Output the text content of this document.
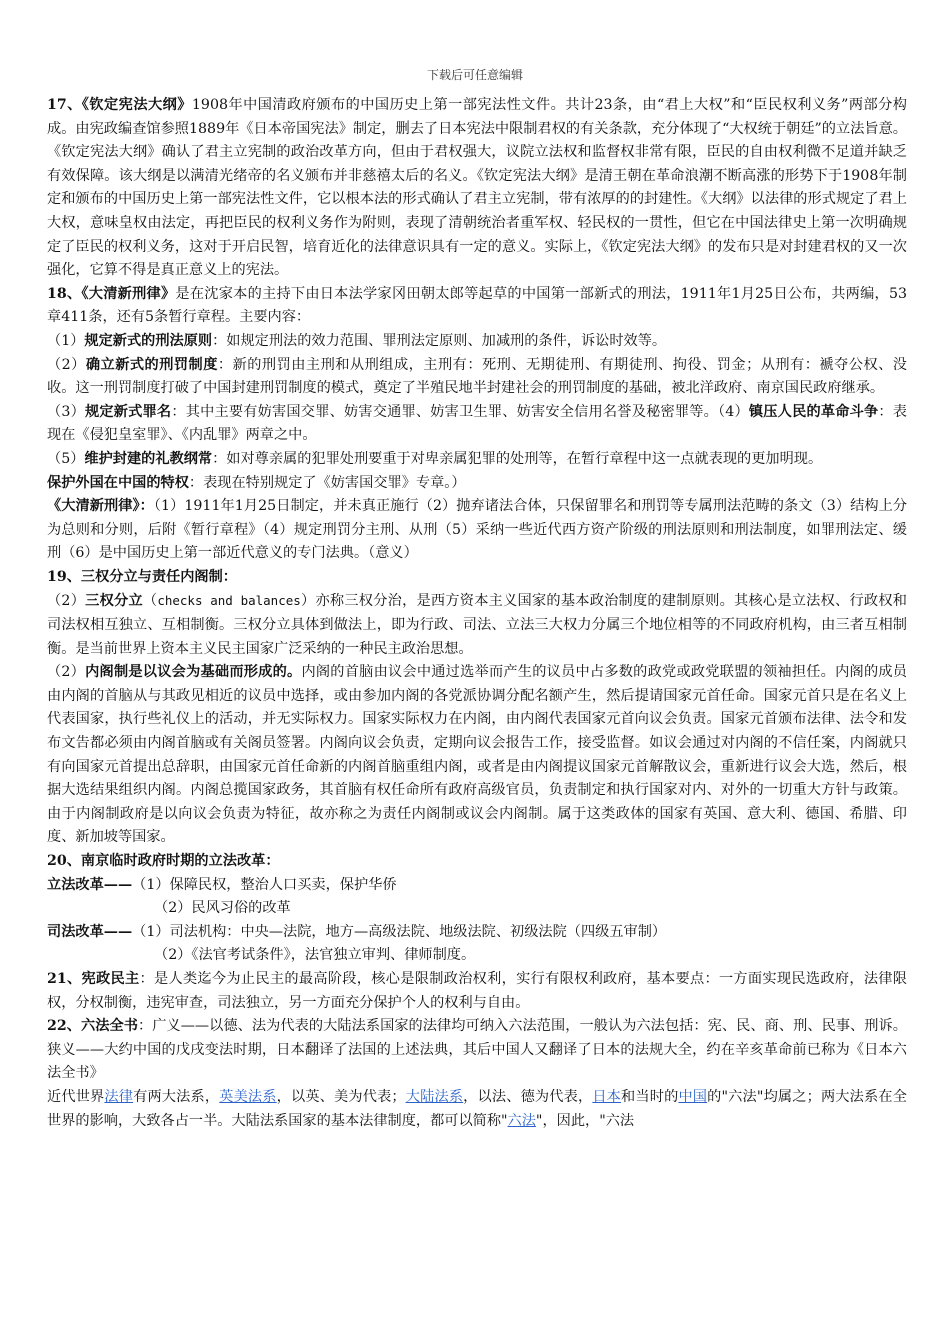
下载后可任意编辑

17、《钦定宪法大纲》1908年中国清政府颁布的中国历史上第一部宪法性文件。共计23条，由“君上大权”和“臣民权利义务”两部分构成。由宪政编查馆参照1889年《日本帝国宪法》制定，删去了日本宪法中限制君权的有关条款，充分体现了“大权统于朝廷”的立法旨意。《钦定宪法大纲》确认了君主立宪制的政治改革方向，但由于君权强大，议院立法权和监督权非常有限，臣民的自由权利微不足道并缺乏有效保障。该大纲是以满清光绪帝的名义颁布并非慈禧太后的名义。《钦定宪法大纲》是清王朝在革命浪潮不断高涨的形势下于1908年制定和颁布的中国历史上第一部宪法性文件，它以根本法的形式确认了君主立宪制，带有浓厚的的封建性。《大纲》以法律的形式规定了君上大权，意味皇权由法定，再把臣民的权利义务作为附则，表现了清朝统治者重军权、轻民权的一贯性，但它在中国法律史上第一次明确规定了臣民的权利义务，这对于开启民智，培育近化的法律意识具有一定的意义。实际上，《钦定宪法大纲》的发布只是对封建君权的又一次强化，它算不得是真正意义上的宪法。

18、《大清新刑律》是在沈家本的主持下由日本法学家冈田朝太郎等起草的中国第一部新式的刑法，1911年1月25日公布，共两编，53章411条，还有5条暂行章程。主要内容：

（1）规定新式的刑法原则：如规定刑法的效力范围、罪刑法定原则、加减刑的条件，诉讼时效等。

（2）确立新式的刑罚制度：新的刑罚由主刑和从刑组成，主刑有：死刑、无期徒刑、有期徒刑、拘役、罚金；从刑有：褫夺公权、没收。这一刑罚制度打破了中国封建刑罚制度的模式，奠定了半殖民地半封建社会的刑罚制度的基础，被北洋政府、南京国民政府继承。

（3）规定新式罪名：其中主要有妨害国交罪、妨害交通罪、妨害卫生罪、妨害安全信用名誉及秘密罪等。（4）镇压人民的革命斗争：表现在《侵犯皇室罪》、《内乱罪》两章之中。

（5）维护封建的礼教纲常：如对尊亲属的犯罪处刑要重于对卑亲属犯罪的处刑等，在暂行章程中这一点就表现的更加明现。

保护外国在中国的特权：表现在特别规定了《妨害国交罪》专章。）

《大清新刑律》：（1）1911年1月25日制定，并未真正施行（2）抛弃诸法合体，只保留罪名和刑罚等专属刑法范畴的条文（3）结构上分为总则和分则，后附《暂行章程》（4）规定刑罚分主刑、从刑（5）采纳一些近代西方资产阶级的刑法原则和刑法制度，如罪刑法定、缓刑（6）是中国历史上第一部近代意义的专门法典。（意义）

19、三权分立与责任内阁制：

（2）三权分立（checks and balances）亦称三权分治，是西方资本主义国家的基本政治制度的建制原则。其核心是立法权、行政权和司法权相互独立、互相制衡。三权分立具体到做法上，即为行政、司法、立法三大权力分属三个地位相等的不同政府机构，由三者互相制衡。是当前世界上资本主义民主国家广泛采纳的一种民主政治思想。

（2）内阁制是以议会为基础而形成的。内阁的首脑由议会中通过选举而产生的议员中占多数的政党或政党联盟的领袖担任。内阁的成员由内阁的首脑从与其政见相近的议员中选择，或由参加内阁的各党派协调分配名额产生，然后提请国家元首任命。国家元首只是在名义上代表国家，执行些礼仪上的活动，并无实际权力。国家实际权力在内阁，由内阁代表国家元首向议会负责。国家元首颁布法律、法令和发布文告都必须由内阁首脑或有关阁员签署。内阁向议会负责，定期向议会报告工作，接受监督。如议会通过对内阁的不信任案，内阁就只有向国家元首提出总辞职，由国家元首任命新的内阁首脑重组内阁，或者是由内阁提议国家元首解散议会，重新进行议会大选，然后，根据大选结果组织内阁。内阁总揽国家政务，其首脑有权任命所有政府高级官员，负责制定和执行国家对内、对外的一切重大方针与政策。由于内阁制政府是以向议会负责为特征，故亦称之为责任内阁制或议会内阁制。属于这类政体的国家有英国、意大利、德国、希腊、印度、新加坡等国家。

20、南京临时政府时期的立法改革：

立法改革——（1）保障民权，整治人口买卖，保护华侨

（2）民风习俗的改革

司法改革——（1）司法机构：中央—法院，地方—高级法院、地级法院、初级法院（四级五审制）

（2）《法官考试条件》，法官独立审判、律师制度。

21、宪政民主：是人类迄今为止民主的最高阶段，核心是限制政治权利，实行有限权利政府，基本要点：一方面实现民选政府，法律限权，分权制衡，违宪审查，司法独立，另一方面充分保护个人的权利与自由。

22、六法全书：广义——以德、法为代表的大陆法系国家的法律均可纳入六法范围，一般认为六法包括：宪、民、商、刑、民事、刑诉。狭义——大约中国的戊戌变法时期，日本翻译了法国的上述法典，其后中国人又翻译了日本的法规大全，约在辛亥革命前已称为《日本六法全书》

近代世界法律有两大法系，英美法系，以英、美为代表；大陆法系，以法、德为代表，日本和当时的中国的"六法"均属之；两大法系在全世界的影响，大致各占一半。大陆法系国家的基本法律制度，都可以简称"六法"，因此，"六法
